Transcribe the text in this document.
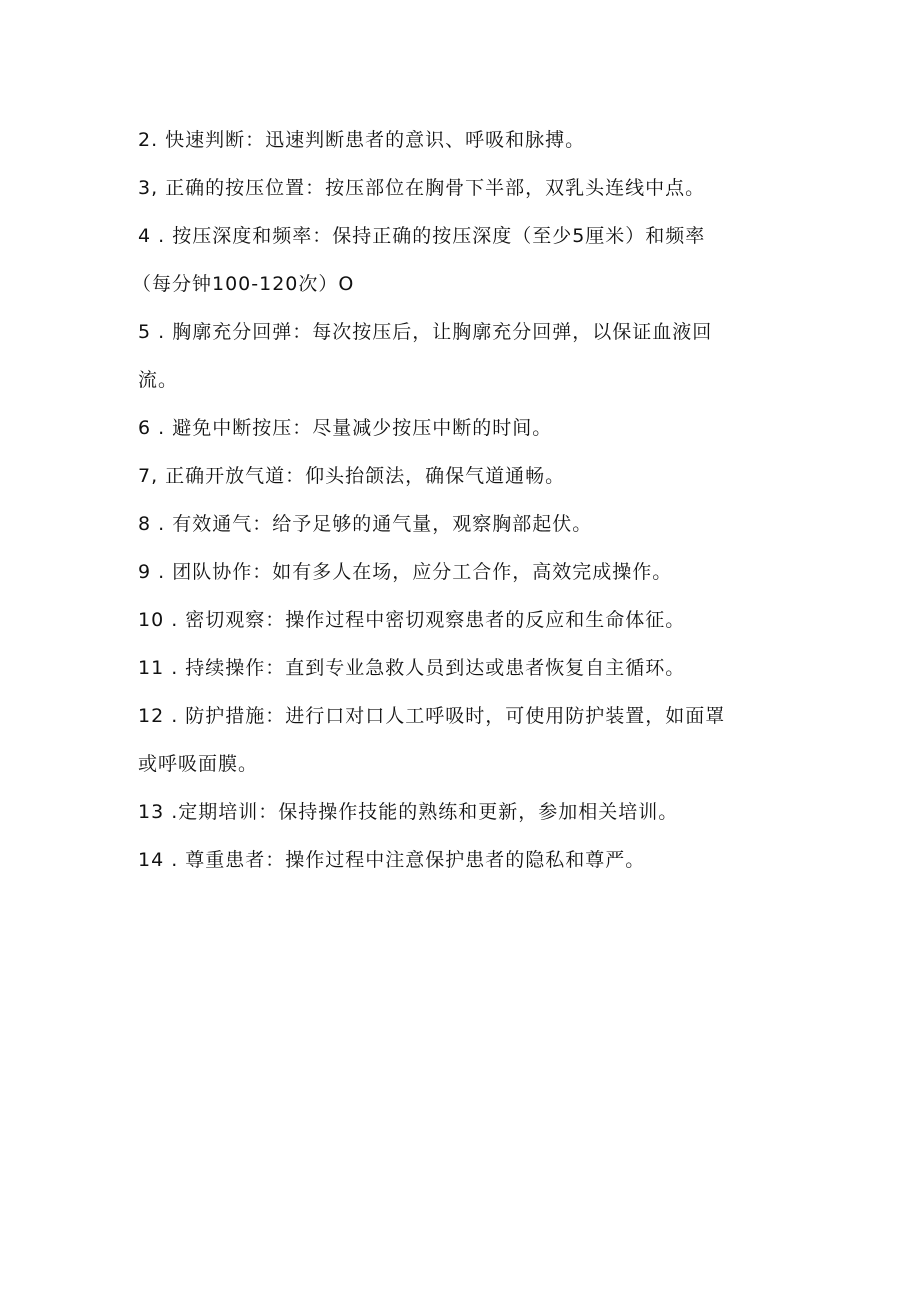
2. 快速判断：迅速判断患者的意识、呼吸和脉搏。

3, 正确的按压位置：按压部位在胸骨下半部，双乳头连线中点。

4 . 按压深度和频率：保持正确的按压深度（至少5厘米）和频率
（每分钟100-120次）O

5 . 胸廓充分回弹：每次按压后，让胸廓充分回弹，以保证血液回
流。

6 . 避免中断按压：尽量减少按压中断的时间。

7, 正确开放气道：仰头抬颌法，确保气道通畅。

8 . 有效通气：给予足够的通气量，观察胸部起伏。

9 . 团队协作：如有多人在场，应分工合作，高效完成操作。

10 . 密切观察：操作过程中密切观察患者的反应和生命体征。

11 . 持续操作：直到专业急救人员到达或患者恢复自主循环。

12 . 防护措施：进行口对口人工呼吸时，可使用防护装置，如面罩
或呼吸面膜。

13 .定期培训：保持操作技能的熟练和更新，参加相关培训。

14 . 尊重患者：操作过程中注意保护患者的隐私和尊严。
